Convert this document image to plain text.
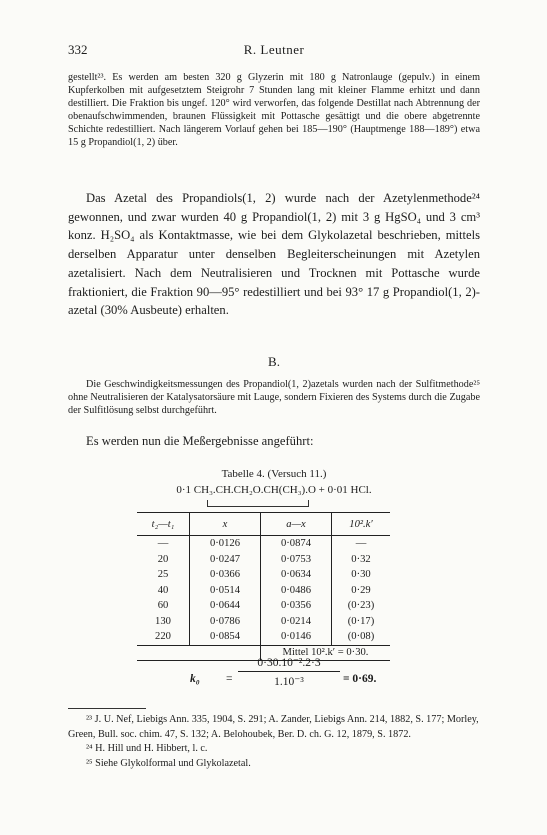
332	R. Leutner

gestellt²³. Es werden am besten 320 g Glyzerin mit 180 g Natronlauge (gepulv.) in einem Kupferkolben mit aufgesetztem Steigrohr 7 Stunden lang mit kleiner Flamme erhitzt und dann destilliert. Die Fraktion bis ungef. 120° wird verworfen, das folgende Destillat nach Abtrennung der obenaufschwimmenden, braunen Flüssigkeit mit Pottasche gesättigt und die obere abgetrennte Schichte redestilliert. Nach längerem Vorlauf gehen bei 185—190° (Hauptmenge 188—189°) etwa 15 g Propandiol(1, 2) über.

Das Azetal des Propandiols(1, 2) wurde nach der Azetylenmethode²⁴ gewonnen, und zwar wurden 40 g Propandiol(1, 2) mit 3 g HgSO₄ und 3 cm³ konz. H₂SO₄ als Kontaktmasse, wie bei dem Glykolazetal beschrieben, mittels derselben Apparatur unter denselben Begleiterscheinungen mit Azetylen azetalisiert. Nach dem Neutralisieren und Trocknen mit Pottasche wurde fraktioniert, die Fraktion 90—95° redestilliert und bei 93° 17 g Propandiol(1, 2)-azetal (30% Ausbeute) erhalten.

B.

Die Geschwindigkeitsmessungen des Propandiol(1, 2)azetals wurden nach der Sulfitmethode²⁵ ohne Neutralisieren der Katalysatorsäure mit Lauge, sondern Fixieren des Systems durch die Zugabe der Sulfitlösung selbst durchgeführt.

Es werden nun die Meßergebnisse angeführt:

Tabelle 4. (Versuch 11.)
0·1 CH₃.CH.CH₂O.CH(CH₃).O + 0·01 HCl.
t₂—t₁	x	a—x	10².k′
—	0·0126	0·0874	—
20	0·0247	0·0753	0·32
25	0·0366	0·0634	0·30
40	0·0514	0·0486	0·29
60	0·0644	0·0356	(0·23)
130	0·0786	0·0214	(0·17)
220	0·0854	0·0146	(0·08)
		Mittel 10².k′ = 0·30.	
$k_0 = \frac{\text{0·30.10⁻².2·3}}{\text{1.10⁻³}} = 0\cdot 69$.
²³ J. U. Nef, Liebigs Ann. 335, 1904, S. 291; A. Zander, Liebigs Ann. 214, 1882, S. 177; Morley, Green, Bull. soc. chim. 47, S. 132; A. Belohoubek, Ber. D. ch. G. 12, 1879, S. 1872.
²⁴ H. Hill und H. Hibbert, l. c.
²⁵ Siehe Glykolformal und Glykolazetal.
